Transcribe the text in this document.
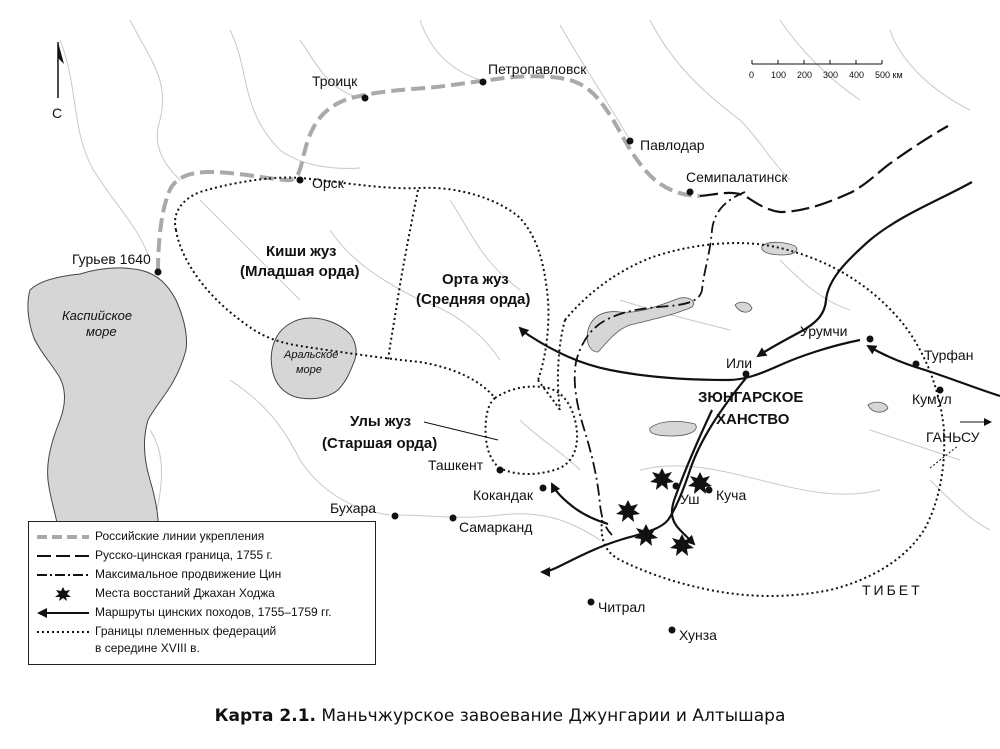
С
0 100 200 300 400 500 км
Троицк
Петропавловск
Павлодар
Семипалатинск
Орск
Гурьев 1640
Ташкент
Кокандак
Бухара
Самарканд
Или
Урумчи
Турфан
Кумул
Уш Куча
Читрал
Хунза
Каспийское
море
Аральское
море
Киши жуз
(Младшая орда)	Орта жуз
(Средняя орда)
Улы жуз
(Старшая орда)
ЗЮНГАРСКОЕ
ХАНСТВО
ТИБЕТ
ГАНЬСУ
Российские линии укрепления
Русско-цинская граница, 1755 г.
Максимальное продвижение Цин
Места восстаний Джахан Ходжа
Маршруты цинских походов, 1755–1759 гг.
Границы племенных федераций
в середине XVIII в.
Карта 2.1. Маньчжурское завоевание Джунгарии и Алтышара
